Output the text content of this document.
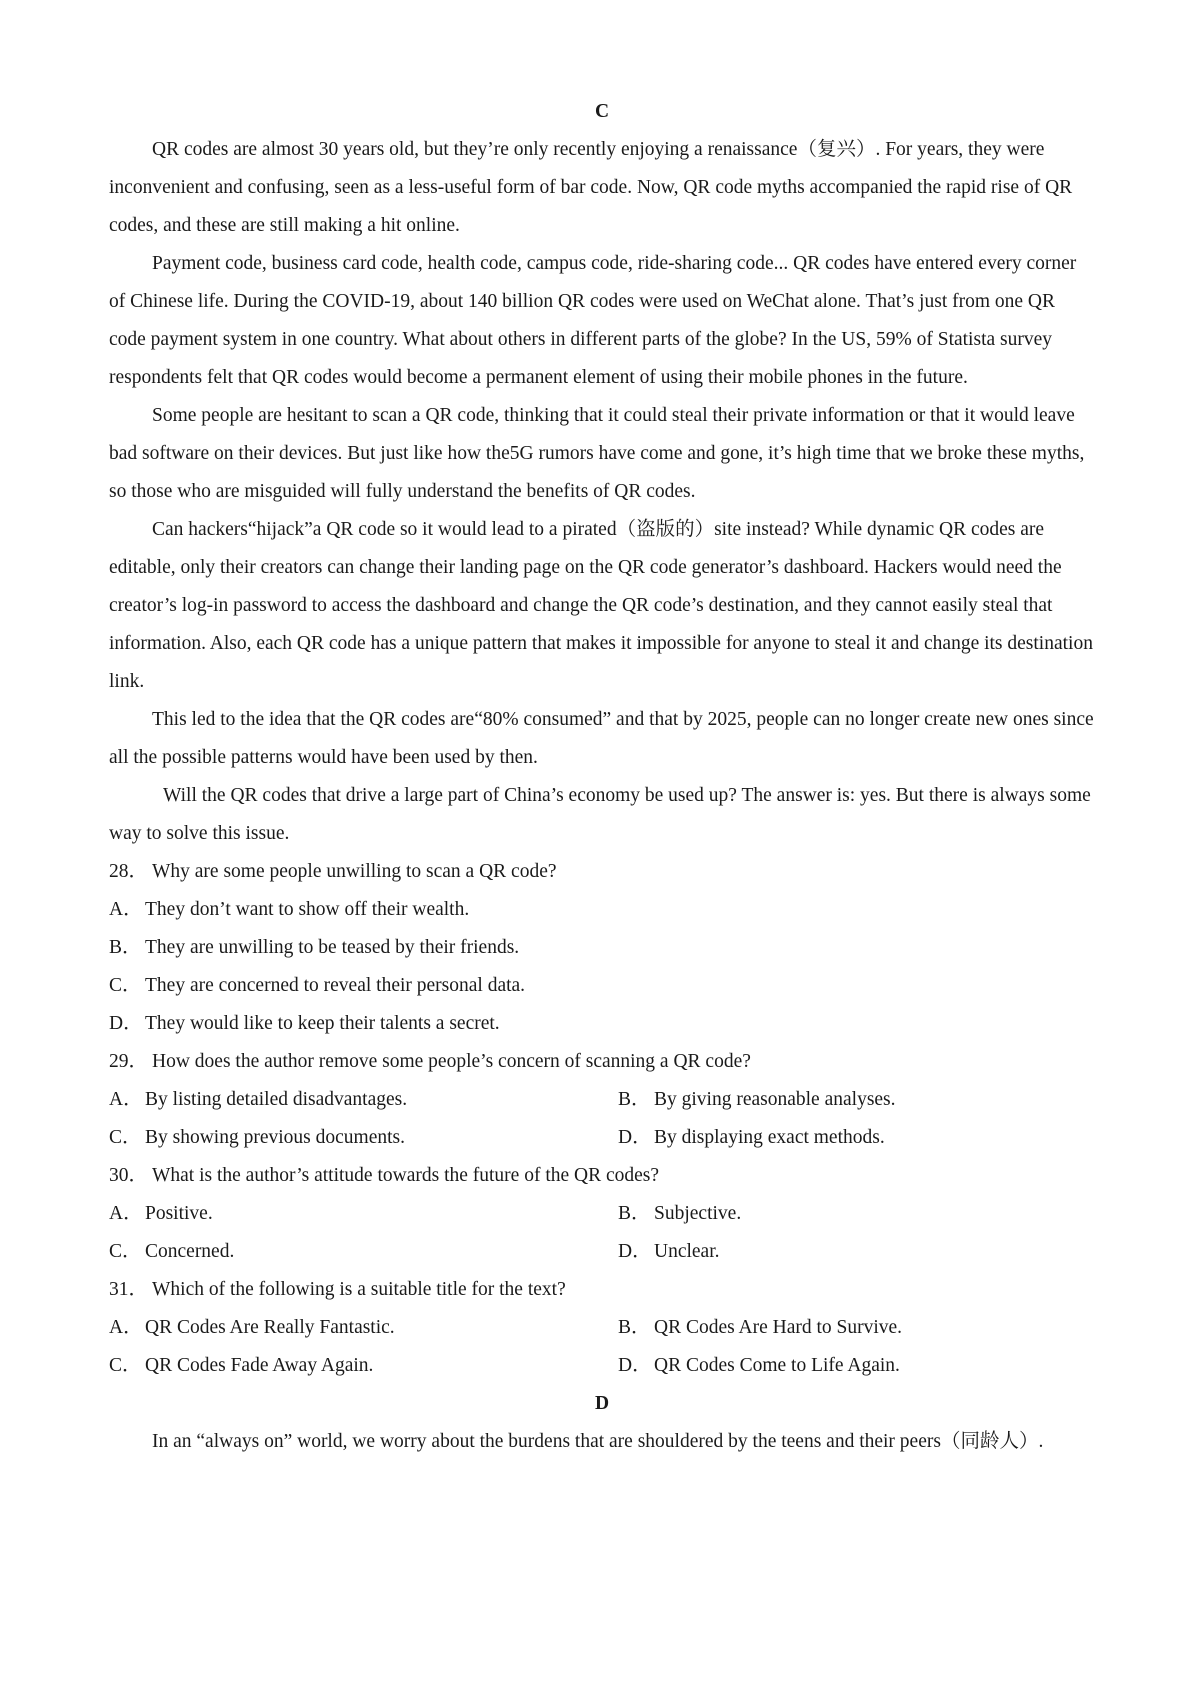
C

QR codes are almost 30 years old, but they’re only recently enjoying a renaissance（复兴）. For years, they were inconvenient and confusing, seen as a less-useful form of bar code. Now, QR code myths accompanied the rapid rise of QR codes, and these are still making a hit online.

Payment code, business card code, health code, campus code, ride-sharing code... QR codes have entered every corner of Chinese life. During the COVID-19, about 140 billion QR codes were used on WeChat alone. That’s just from one QR code payment system in one country. What about others in different parts of the globe? In the US, 59% of Statista survey respondents felt that QR codes would become a permanent element of using their mobile phones in the future.

Some people are hesitant to scan a QR code, thinking that it could steal their private information or that it would leave bad software on their devices. But just like how the5G rumors have come and gone, it’s high time that we broke these myths, so those who are misguided will fully understand the benefits of QR codes.

Can hackers“hijack”a QR code so it would lead to a pirated（盗版的）site instead? While dynamic QR codes are editable, only their creators can change their landing page on the QR code generator’s dashboard. Hackers would need the creator’s log-in password to access the dashboard and change the QR code’s destination, and they cannot easily steal that information. Also, each QR code has a unique pattern that makes it impossible for anyone to steal it and change its destination link.

This led to the idea that the QR codes are“80% consumed” and that by 2025, people can no longer create new ones since all the possible patterns would have been used by then.

Will the QR codes that drive a large part of China’s economy be used up? The answer is: yes. But there is always some way to solve this issue.

28． Why are some people unwilling to scan a QR code?
A． They don’t want to show off their wealth.
B． They are unwilling to be teased by their friends.
C． They are concerned to reveal their personal data.
D． They would like to keep their talents a secret.
29． How does the author remove some people’s concern of scanning a QR code?
A． By listing detailed disadvantages.	B． By giving reasonable analyses.
C． By showing previous documents.	D． By displaying exact methods.
30． What is the author’s attitude towards the future of the QR codes?
A． Positive.	B． Subjective.
C． Concerned.	D． Unclear.
31． Which of the following is a suitable title for the text?
A． QR Codes Are Really Fantastic.	B． QR Codes Are Hard to Survive.
C． QR Codes Fade Away Again.	D． QR Codes Come to Life Again.
D

In an “always on” world, we worry about the burdens that are shouldered by the teens and their peers（同龄人）.
